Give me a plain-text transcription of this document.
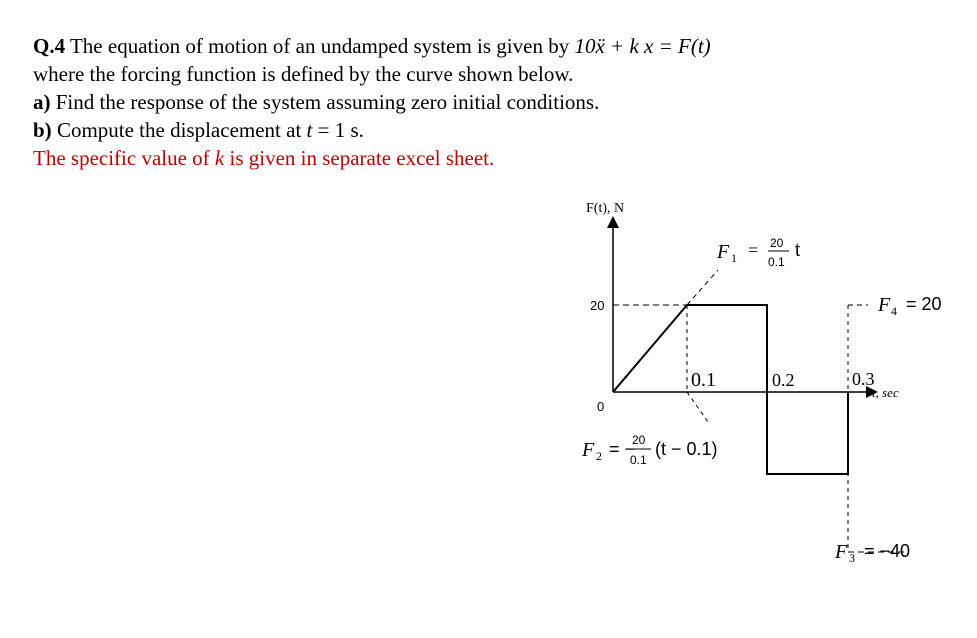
Q.4 The equation of motion of an undamped system is given by 10ẍ + k x = F(t)
where the forcing function is defined by the curve shown below.
a) Find the response of the system assuming zero initial conditions.
b) Compute the displacement at t = 1 s.
The specific value of k is given in separate excel sheet.
F(t), N
20
0
0.1	0.2	0.3
t, sec
F 1 = 20
0.1
t
F 2 = −
20
0.1
(t − 0.1)
F 3 = −40
F 4 = 20
